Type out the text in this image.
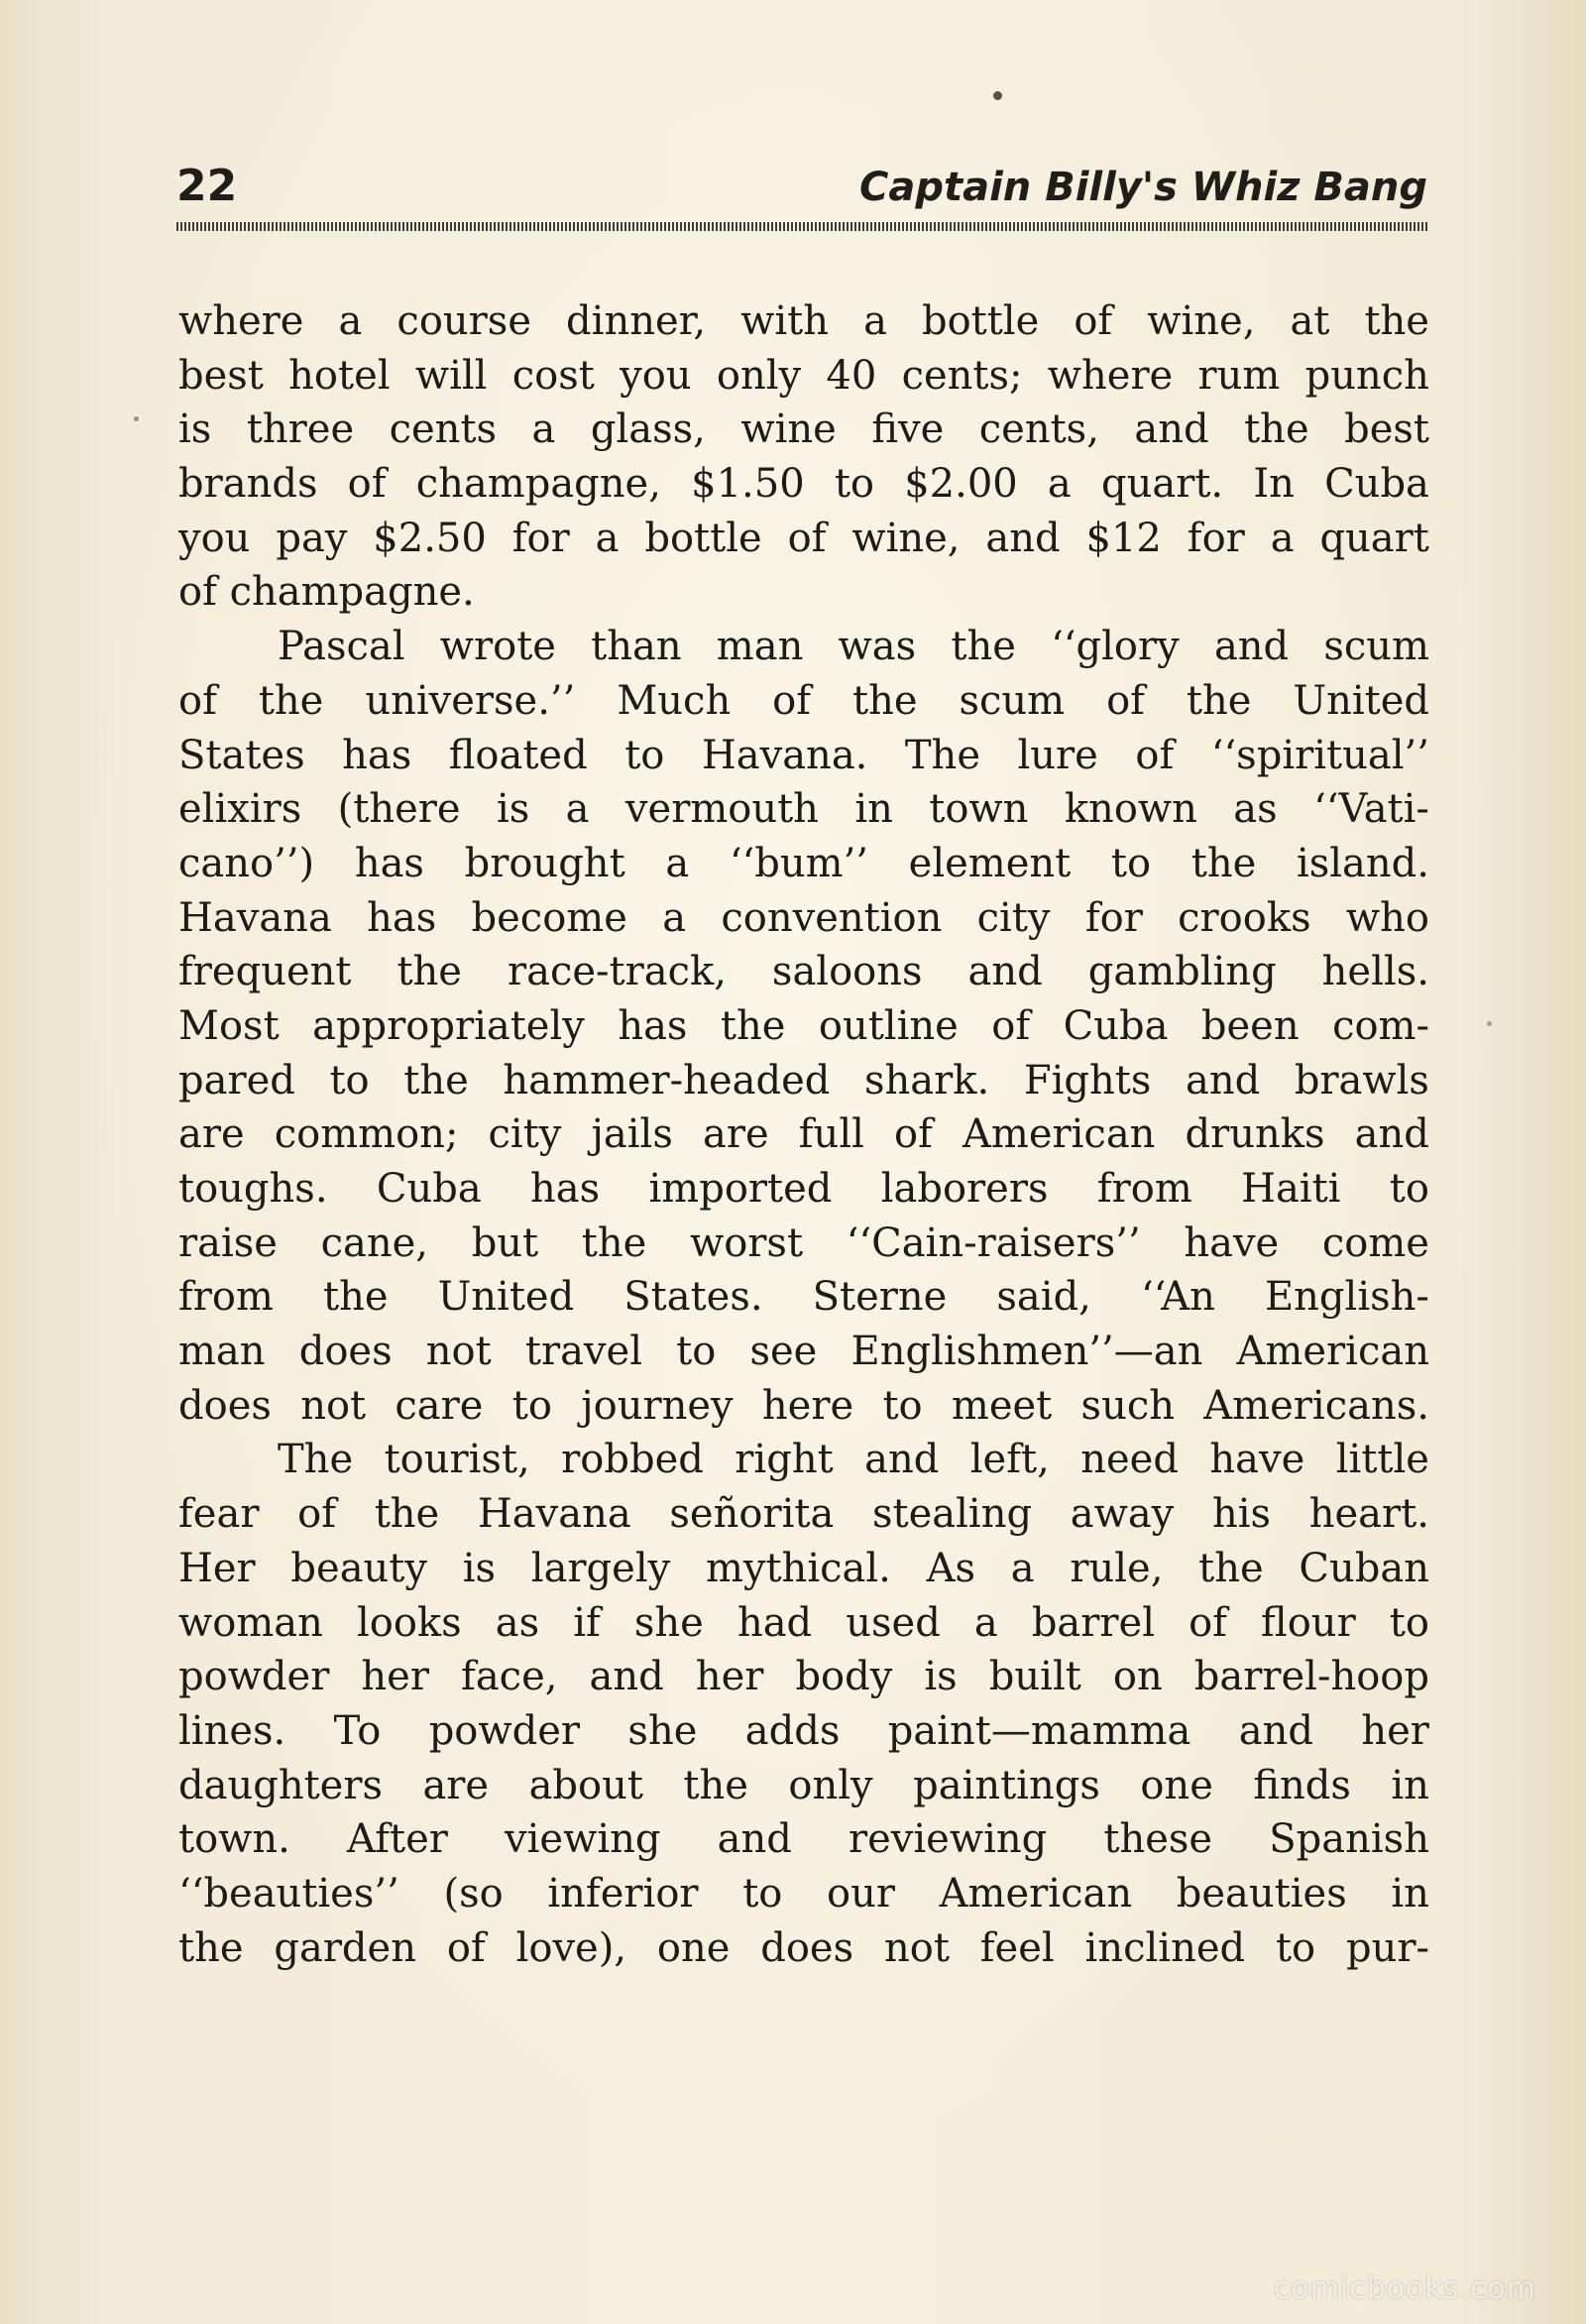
22	Captain Billy's Whiz Bang
where a course dinner, with a bottle of wine, at the
best hotel will cost you only 40 cents; where rum punch
is three cents a glass, wine five cents, and the best
brands of champagne, $1.50 to $2.00 a quart. In Cuba
you pay $2.50 for a bottle of wine, and $12 for a quart
of champagne.
Pascal wrote than man was the ‘‘glory and scum
of the universe.’’ Much of the scum of the United
States has floated to Havana. The lure of ‘‘spiritual’’
elixirs (there is a vermouth in town known as ‘‘Vati-
cano’’) has brought a ‘‘bum’’ element to the island.
Havana has become a convention city for crooks who
frequent the race-track, saloons and gambling hells.
Most appropriately has the outline of Cuba been com-
pared to the hammer-headed shark. Fights and brawls
are common; city jails are full of American drunks and
toughs. Cuba has imported laborers from Haiti to
raise cane, but the worst ‘‘Cain-raisers’’ have come
from the United States. Sterne said, ‘‘An English-
man does not travel to see Englishmen’’—an American
does not care to journey here to meet such Americans.
The tourist, robbed right and left, need have little
fear of the Havana señorita stealing away his heart.
Her beauty is largely mythical. As a rule, the Cuban
woman looks as if she had used a barrel of flour to
powder her face, and her body is built on barrel-hoop
lines. To powder she adds paint—mamma and her
daughters are about the only paintings one finds in
town. After viewing and reviewing these Spanish
‘‘beauties’’ (so inferior to our American beauties in
the garden of love), one does not feel inclined to pur-
comicbooks.com
